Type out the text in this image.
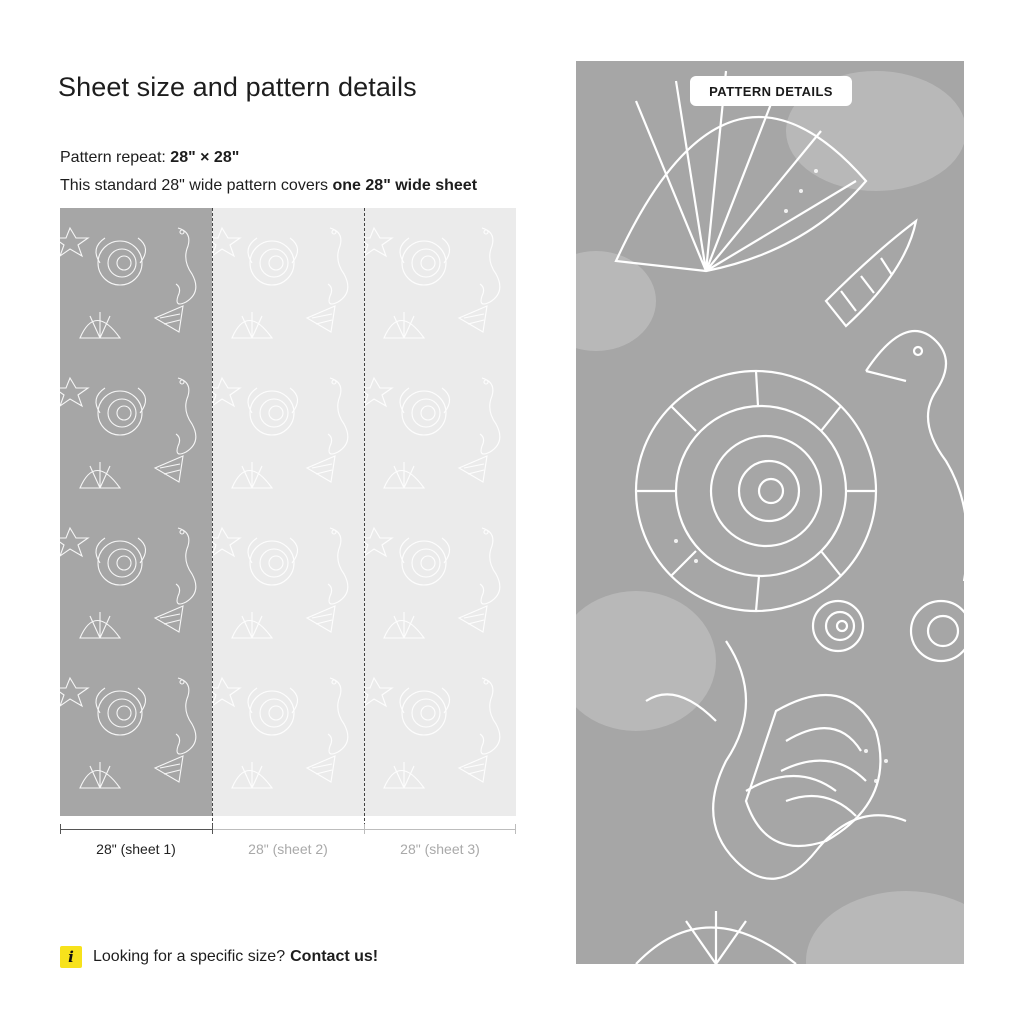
Sheet size and pattern details
Pattern repeat: 28" × 28"
This standard 28" wide pattern covers one 28" wide sheet
28" (sheet 1)	28" (sheet 2)	28" (sheet 3)
i	Looking for a specific size? Contact us!
PATTERN DETAILS
